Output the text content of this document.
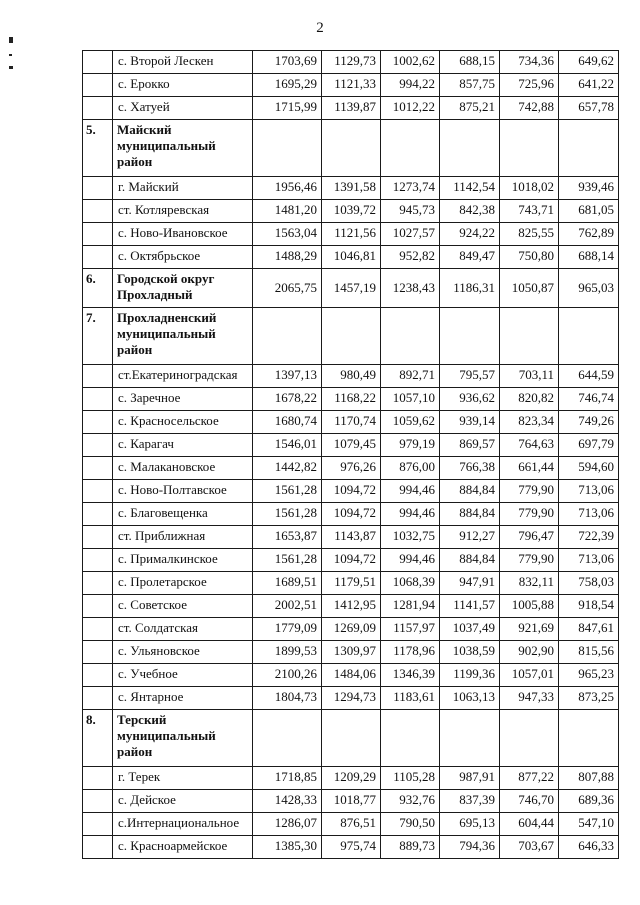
2
	с. Второй Лескен	1703,69	1129,73	1002,62	688,15	734,36	649,62
	с. Ерокко	1695,29	1121,33	994,22	857,75	725,96	641,22
	с. Хатуей	1715,99	1139,87	1012,22	875,21	742,88	657,78
5.	Майский муниципальный район						
	г. Майский	1956,46	1391,58	1273,74	1142,54	1018,02	939,46
	ст. Котляревская	1481,20	1039,72	945,73	842,38	743,71	681,05
	с. Ново-Ивановское	1563,04	1121,56	1027,57	924,22	825,55	762,89
	с. Октябрьское	1488,29	1046,81	952,82	849,47	750,80	688,14
6.	Городской округ Прохладный	2065,75	1457,19	1238,43	1186,31	1050,87	965,03
7.	Прохладненский муниципальный район						
	ст.Екатериноградская	1397,13	980,49	892,71	795,57	703,11	644,59
	с. Заречное	1678,22	1168,22	1057,10	936,62	820,82	746,74
	с. Красносельское	1680,74	1170,74	1059,62	939,14	823,34	749,26
	с. Карагач	1546,01	1079,45	979,19	869,57	764,63	697,79
	с. Малакановское	1442,82	976,26	876,00	766,38	661,44	594,60
	с. Ново-Полтавское	1561,28	1094,72	994,46	884,84	779,90	713,06
	с. Благовещенка	1561,28	1094,72	994,46	884,84	779,90	713,06
	ст. Приближная	1653,87	1143,87	1032,75	912,27	796,47	722,39
	с. Прималкинское	1561,28	1094,72	994,46	884,84	779,90	713,06
	с. Пролетарское	1689,51	1179,51	1068,39	947,91	832,11	758,03
	с. Советское	2002,51	1412,95	1281,94	1141,57	1005,88	918,54
	ст. Солдатская	1779,09	1269,09	1157,97	1037,49	921,69	847,61
	с. Ульяновское	1899,53	1309,97	1178,96	1038,59	902,90	815,56
	с. Учебное	2100,26	1484,06	1346,39	1199,36	1057,01	965,23
	с. Янтарное	1804,73	1294,73	1183,61	1063,13	947,33	873,25
8.	Терский муниципальный район						
	г. Терек	1718,85	1209,29	1105,28	987,91	877,22	807,88
	с. Дейское	1428,33	1018,77	932,76	837,39	746,70	689,36
	с.Интернациональное	1286,07	876,51	790,50	695,13	604,44	547,10
	с. Красноармейское	1385,30	975,74	889,73	794,36	703,67	646,33
